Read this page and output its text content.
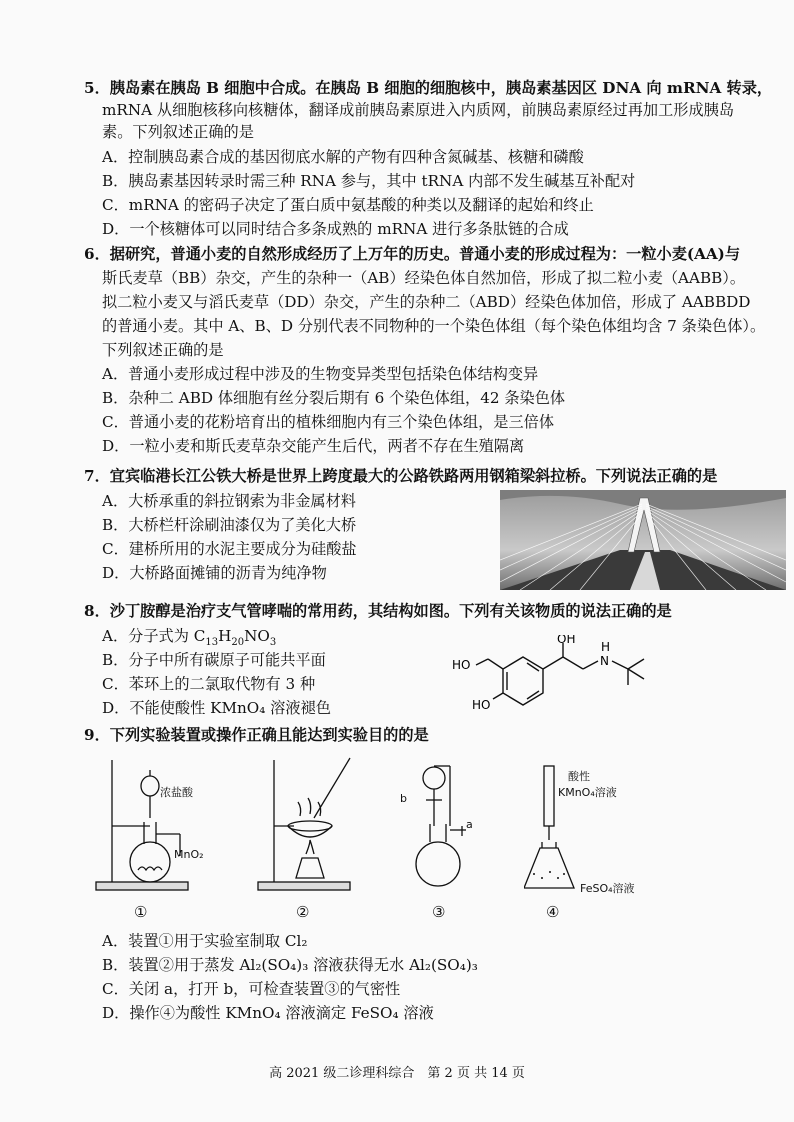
5．胰岛素在胰岛 B 细胞中合成。在胰岛 B 细胞的细胞核中，胰岛素基因区 DNA 向 mRNA 转录，
mRNA 从细胞核移向核糖体，翻译成前胰岛素原进入内质网，前胰岛素原经过再加工形成胰岛
素。下列叙述正确的是
A．控制胰岛素合成的基因彻底水解的产物有四种含氮碱基、核糖和磷酸
B．胰岛素基因转录时需三种 RNA 参与，其中 tRNA 内部不发生碱基互补配对
C．mRNA 的密码子决定了蛋白质中氨基酸的种类以及翻译的起始和终止
D．一个核糖体可以同时结合多条成熟的 mRNA 进行多条肽链的合成
6．据研究，普通小麦的自然形成经历了上万年的历史。普通小麦的形成过程为：一粒小麦(AA)与
斯氏麦草（BB）杂交，产生的杂种一（AB）经染色体自然加倍，形成了拟二粒小麦（AABB）。
拟二粒小麦又与滔氏麦草（DD）杂交，产生的杂种二（ABD）经染色体加倍，形成了 AABBDD
的普通小麦。其中 A、B、D 分别代表不同物种的一个染色体组（每个染色体组均含 7 条染色体）。
下列叙述正确的是
A．普通小麦形成过程中涉及的生物变异类型包括染色体结构变异
B．杂种二 ABD 体细胞有丝分裂后期有 6 个染色体组，42 条染色体
C．普通小麦的花粉培育出的植株细胞内有三个染色体组，是三倍体
D．一粒小麦和斯氏麦草杂交能产生后代，两者不存在生殖隔离
7．宜宾临港长江公铁大桥是世界上跨度最大的公路铁路两用钢箱梁斜拉桥。下列说法正确的是
A．大桥承重的斜拉钢索为非金属材料
B．大桥栏杆涂刷油漆仅为了美化大桥
C．建桥所用的水泥主要成分为硅酸盐
D．大桥路面摊铺的沥青为纯净物
8．沙丁胺醇是治疗支气管哮喘的常用药，其结构如图。下列有关该物质的说法正确的是
A．分子式为 $C_{13}H_{20}NO_3$
B．分子中所有碳原子可能共平面
C．苯环上的二氯取代物有 3 种
D．不能使酸性 KMnO₄ 溶液褪色
OH
N
H
HO
HO
9．下列实验装置或操作正确且能达到实验目的的是
浓盐酸
MnO₂
b
a
酸性
KMnO₄溶液
FeSO₄溶液
①	②	③	④
A．装置①用于实验室制取 Cl₂
B．装置②用于蒸发 Al₂(SO₄)₃ 溶液获得无水 Al₂(SO₄)₃
C．关闭 a，打开 b，可检查装置③的气密性
D．操作④为酸性 KMnO₄ 溶液滴定 FeSO₄ 溶液
高 2021 级二诊理科综合　第 2 页 共 14 页
